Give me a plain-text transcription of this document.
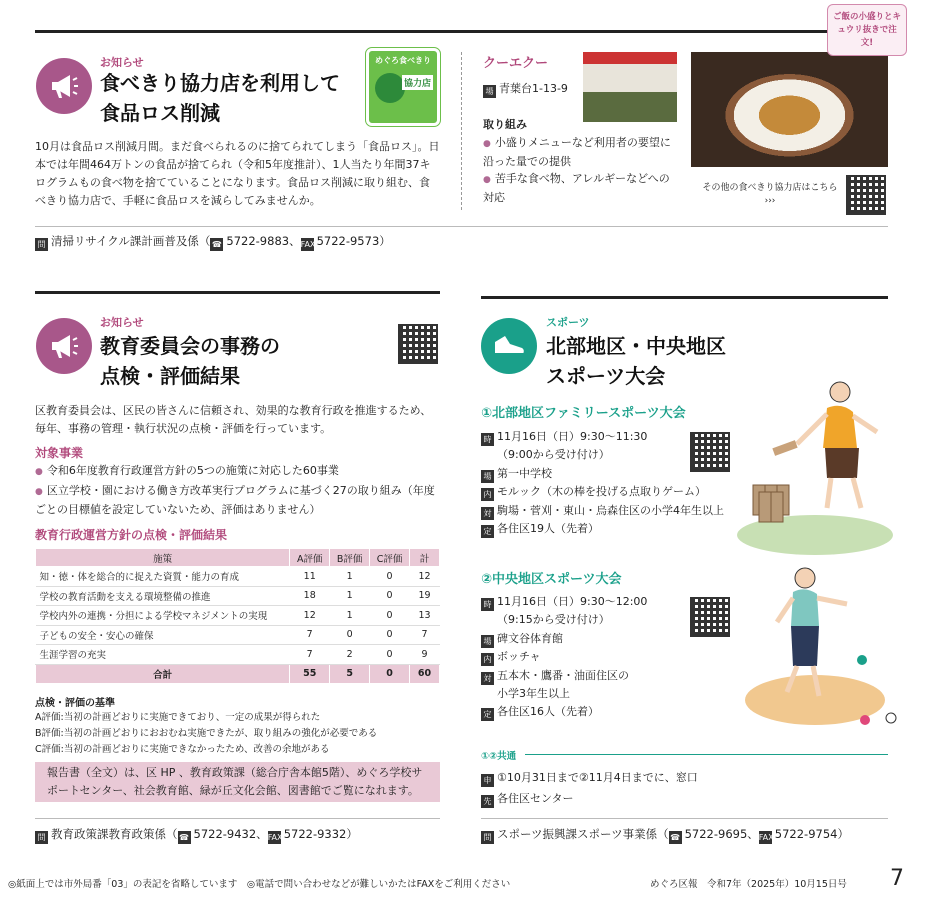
お知らせ
食べきり協力店を利用して
食品ロス削減
めぐろ食べきり
協力店
10月は食品ロス削減月間。まだ食べられるのに捨てられてしまう「食品ロス」。日本では年間464万トンの食品が捨てられ（令和5年度推計）、1人当たり年間37キログラムもの食べ物を捨てていることになります。食品ロス削減に取り組む、食べきり協力店で、手軽に食品ロスを減らしてみませんか。
クーエクー
場 青葉台1-13-9
取り組み
● 小盛りメニューなど利用者の要望に沿った量での提供
● 苦手な食べ物、アレルギーなどへの対応
ご飯の小盛りとキュウリ抜きで注文!
その他の食べきり協力店はこちら ›››
問 清掃リサイクル課計画普及係（ ☎ 5722-9883、FAX5722-9573）
お知らせ
教育委員会の事務の
点検・評価結果
区教育委員会は、区民の皆さんに信頼され、効果的な教育行政を推進するため、毎年、事務の管理・執行状況の点検・評価を行っています。
対象事業
● 令和6年度教育行政運営方針の5つの施策に対応した60事業
● 区立学校・園における働き方改革実行プログラムに基づく27の取り組み（年度ごとの目標値を設定していないため、評価はありません）
教育行政運営方針の点検・評価結果
施策	A評価	B評価	C評価	計
知・徳・体を総合的に捉えた資質・能力の育成	11	1	0	12
学校の教育活動を支える環境整備の推進	18	1	0	19
学校内外の連携・分担による学校マネジメントの実現	12	1	0	13
子どもの安全・安心の確保	7	0	0	7
生涯学習の充実	7	2	0	9
合計	55	5	0	60
点検・評価の基準
A評価:当初の計画どおりに実施できており、一定の成果が得られた
B評価:当初の計画どおりにおおむね実施できたが、取り組みの強化が必要である
C評価:当初の計画どおりに実施できなかったため、改善の余地がある
報告書（全文）は、区 HP 、教育政策課（総合庁舎本館5階）、めぐろ学校サポートセンター、社会教育館、緑が丘文化会館、図書館でご覧になれます。
問 教育政策課教育政策係（ ☎ 5722-9432、FAX5722-9332）
スポーツ
北部地区・中央地区
スポーツ大会
①北部地区ファミリースポーツ大会
時 11月16日（日）9:30〜11:30
（9:00から受け付け）
場 第一中学校
内 モルック（木の棒を投げる点取りゲーム）
対 駒場・菅刈・東山・烏森住区の小学4年生以上
定 各住区19人（先着）
②中央地区スポーツ大会
時 11月16日（日）9:30〜12:00
（9:15から受け付け）
場 碑文谷体育館
内 ボッチャ
対 五本木・鷹番・油面住区の
小学3年生以上
定 各住区16人（先着）
①②共通
申 ①10月31日まで②11月4日までに、窓口
先 各住区センター
問 スポーツ振興課スポーツ事業係（ ☎ 5722-9695、FAX5722-9754）
◎紙面上では市外局番「03」の表記を省略しています　◎電話で問い合わせなどが難しいかたはFAXをご利用ください	めぐろ区報　令和7年（2025年）10月15日号 7
